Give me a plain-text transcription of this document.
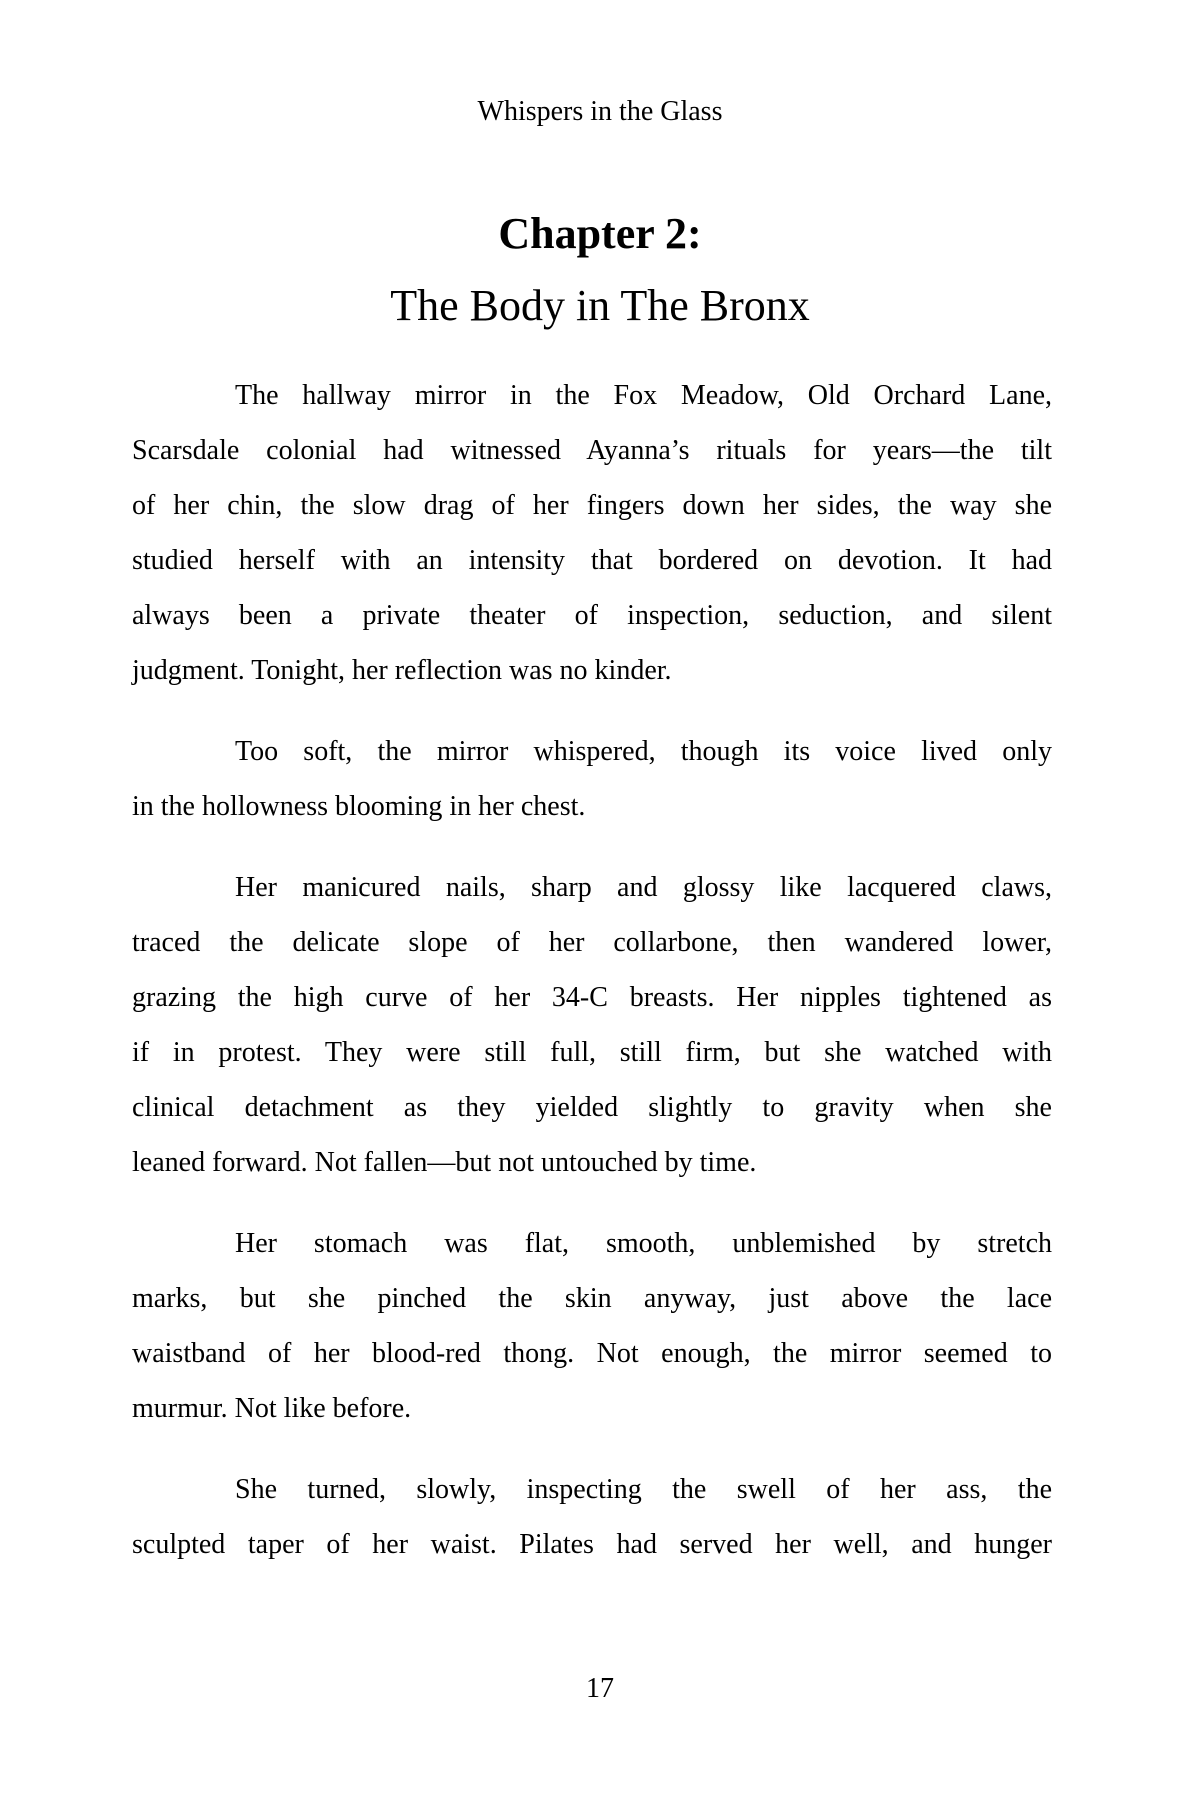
Whispers in the Glass
Chapter 2:
The Body in The Bronx
The hallway mirror in the Fox Meadow, Old Orchard Lane,
Scarsdale colonial had witnessed Ayanna’s rituals for years—the tilt
of her chin, the slow drag of her fingers down her sides, the way she
studied herself with an intensity that bordered on devotion. It had
always been a private theater of inspection, seduction, and silent
judgment. Tonight, her reflection was no kinder.
Too soft, the mirror whispered, though its voice lived only
in the hollowness blooming in her chest.
Her manicured nails, sharp and glossy like lacquered claws,
traced the delicate slope of her collarbone, then wandered lower,
grazing the high curve of her 34-C breasts. Her nipples tightened as
if in protest. They were still full, still firm, but she watched with
clinical detachment as they yielded slightly to gravity when she
leaned forward. Not fallen—but not untouched by time.
Her stomach was flat, smooth, unblemished by stretch
marks, but she pinched the skin anyway, just above the lace
waistband of her blood-red thong. Not enough, the mirror seemed to
murmur. Not like before.
She turned, slowly, inspecting the swell of her ass, the
sculpted taper of her waist. Pilates had served her well, and hunger
17
